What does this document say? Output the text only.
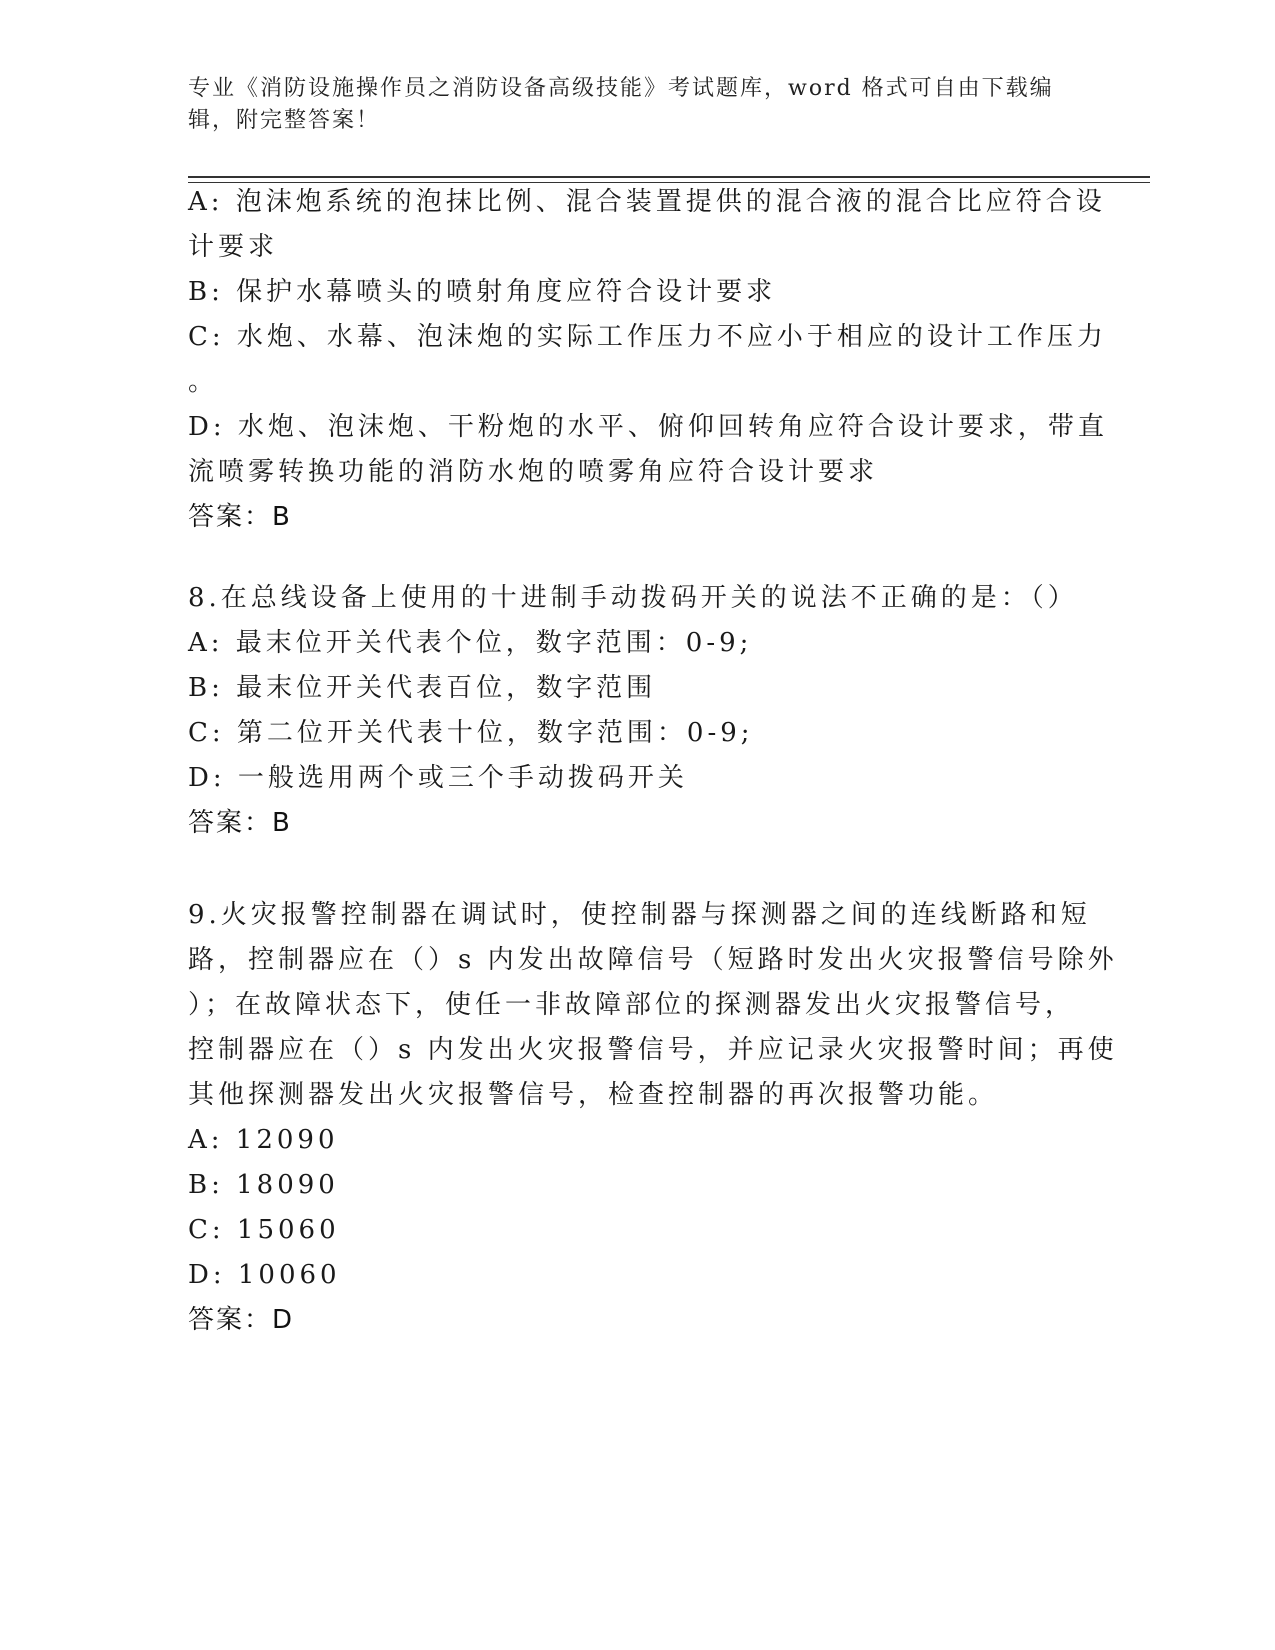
专业《消防设施操作员之消防设备高级技能》考试题库，word 格式可自由下载编
辑，附完整答案！
A: 泡沫炮系统的泡抹比例、混合装置提供的混合液的混合比应符合设
计要求
B: 保护水幕喷头的喷射角度应符合设计要求
C: 水炮、水幕、泡沫炮的实际工作压力不应小于相应的设计工作压力
。
D: 水炮、泡沫炮、干粉炮的水平、俯仰回转角应符合设计要求，带直
流喷雾转换功能的消防水炮的喷雾角应符合设计要求
答案：B
8.在总线设备上使用的十进制手动拨码开关的说法不正确的是：（）
A: 最末位开关代表个位，数字范围：0-9;
B: 最末位开关代表百位，数字范围
C: 第二位开关代表十位，数字范围：0-9;
D: 一般选用两个或三个手动拨码开关
答案：B
9.火灾报警控制器在调试时，使控制器与探测器之间的连线断路和短
路，控制器应在（）s 内发出故障信号（短路时发出火灾报警信号除外
）；在故障状态下，使任一非故障部位的探测器发出火灾报警信号，
控制器应在（）s 内发出火灾报警信号，并应记录火灾报警时间；再使
其他探测器发出火灾报警信号，检查控制器的再次报警功能。
A: 12090
B: 18090
C: 15060
D: 10060
答案：D
